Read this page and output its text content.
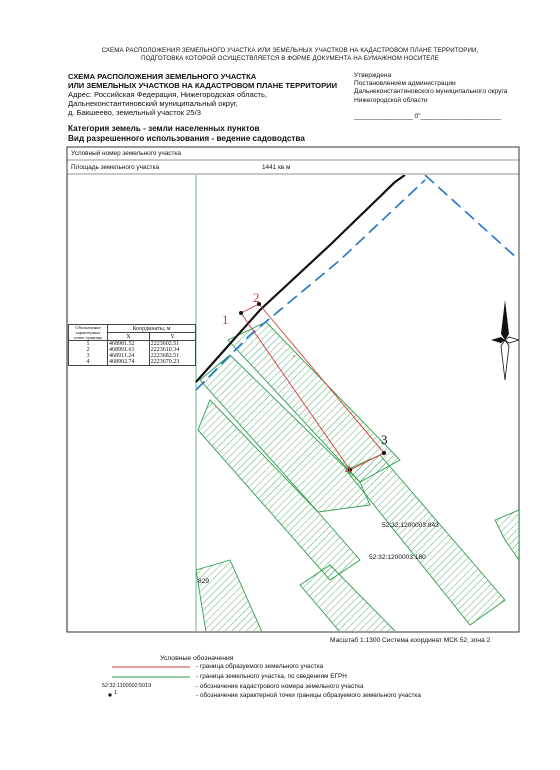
СХЕМА РАСПОЛОЖЕНИЯ ЗЕМЕЛЬНОГО УЧАСТКА ИЛИ ЗЕМЕЛЬНЫХ УЧАСТКОВ НА КАДАСТРОВОМ ПЛАНЕ ТЕРРИТОРИИ,
ПОДГОТОВКА КОТОРОЙ ОСУЩЕСТВЛЯЕТСЯ В ФОРМЕ ДОКУМЕНТА НА БУМАЖНОМ НОСИТЕЛЕ
СХЕМА РАСПОЛОЖЕНИЯ ЗЕМЕЛЬНОГО УЧАСТКА
ИЛИ ЗЕМЕЛЬНЫХ УЧАСТКОВ НА КАДАСТРОВОМ ПЛАНЕ ТЕРРИТОРИИ
Адрес: Российская Федерация, Нижегородская область,
Дальнеконстантиновский муниципальный округ,
д. Бакшеево, земельный участок 25/3
Утверждена
Постановлением администрации
Дальнеконстантиновского муниципального округа
Нижегородской области
________________ 0"______________________
Категория земель - земли населенных пунктов
Вид разрешенного использования - ведение садоводства
Условный номер земельного участка
Площадь земельного участка	1441 кв м
1
2
3
4
52:32:1200003:843
52:32:1200003:180
829
Обозначение характерных точек границы	Координаты, м	
	X	Y
1	468981.52	2223602.51
2	468991.61	2223610.34
3	468911.24	2223682.51
4	468902.74	2223670.23
Масштаб 1:1300 Система координат МСК 52, зона 2
Условные обозначения
- граница образуемого земельного участка
- граница земельного участка, по сведениям ЕГРН
52:32:1100002:5019	- обозначение кадастрового номера земельного участка
1	- обозначение характерной точки границы образуемого земельного участка
